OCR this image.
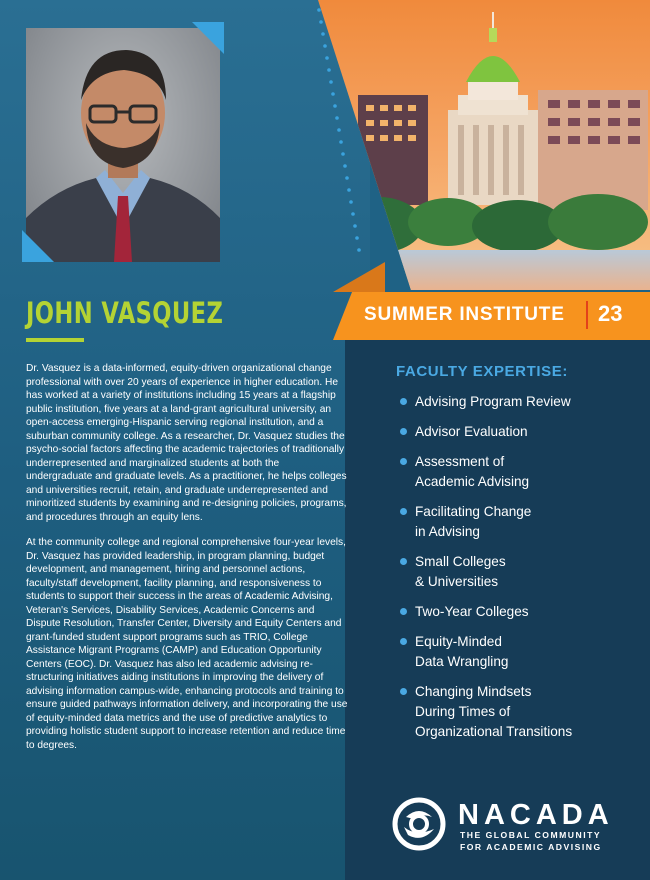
JOHN VASQUEZ	SUMMER INSTITUTE 23

Dr. Vasquez is a data-informed, equity-driven organizational change professional with over 20 years of experience in higher education. He has worked at a variety of institutions including 15 years at a flagship public institution, five years at a land-grant agricultural university, an open-access emerging-Hispanic serving regional institution, and a suburban community college. As a researcher, Dr. Vasquez studies the psycho-social factors affecting the academic trajectories of traditionally underrepresented and marginalized students at both the undergraduate and graduate levels. As a practitioner, he helps colleges and universities recruit, retain, and graduate underrepresented and minoritized students by examining and re-designing policies, programs, and procedures through an equity lens.

At the community college and regional comprehensive four-year levels, Dr. Vasquez has provided leadership, in program planning, budget development, and management, hiring and personnel actions, faculty/staff development, facility planning, and responsiveness to students to support their success in the areas of Academic Advising, Veteran's Services, Disability Services, Academic Concerns and Dispute Resolution, Transfer Center, Diversity and Equity Centers and grant-funded student support programs such as TRIO, College Assistance Migrant Programs (CAMP) and Education Opportunity Centers (EOC). Dr. Vasquez has also led academic advising re-structuring initiatives aiding institutions in improving the delivery of advising information campus-wide, enhancing protocols and training to ensure guided pathways information delivery, and incorporating the use of equity-minded data metrics and the use of predictive analytics to providing holistic student support to increase retention and reduce time to degrees.

FACULTY EXPERTISE:
Advising Program Review
Advisor Evaluation
Assessment of
Academic Advising
Facilitating Change
in Advising
Small Colleges
& Universities
Two-Year Colleges
Equity-Minded
Data Wrangling
Changing Mindsets
During Times of
Organizational Transitions
NACADA
THE GLOBAL COMMUNITY
FOR ACADEMIC ADVISING
